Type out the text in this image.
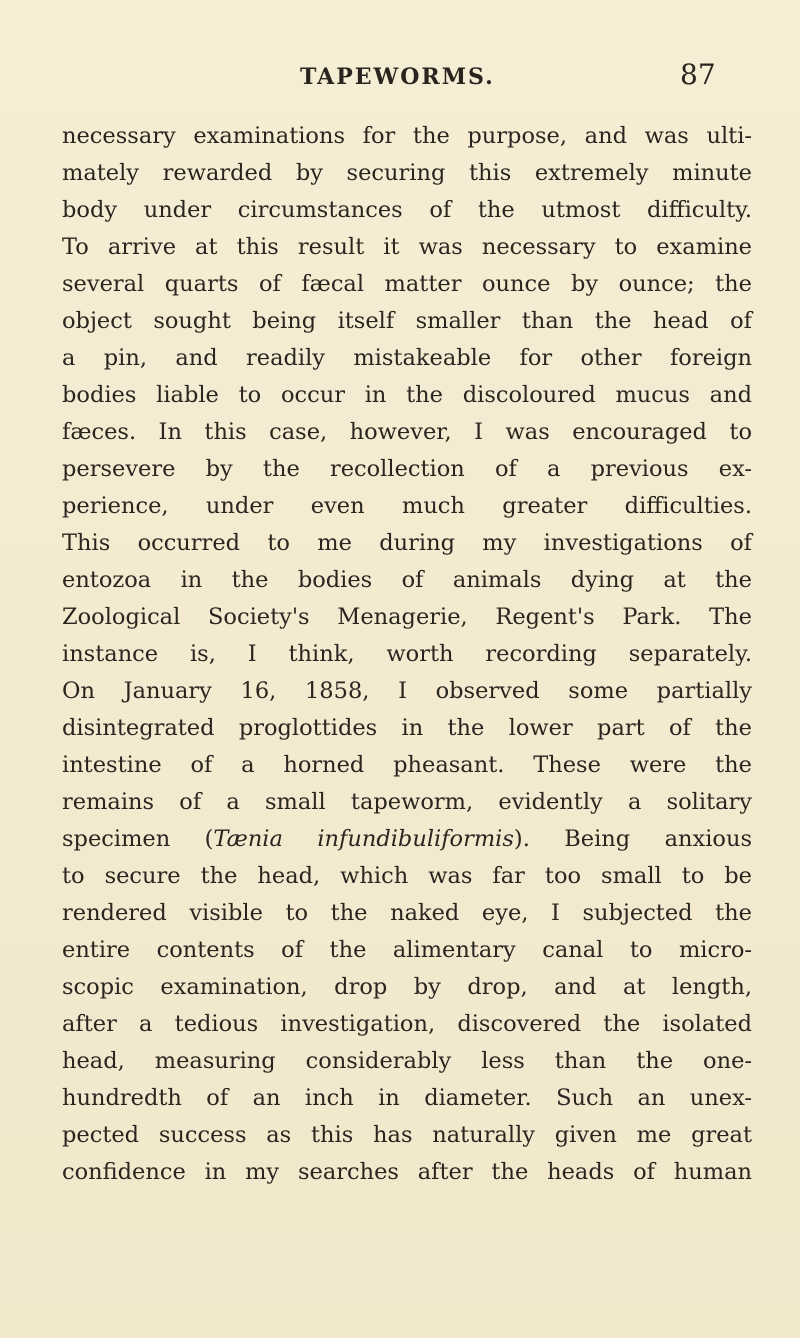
TAPEWORMS.	87
necessary examinations for the purpose, and was ulti-
mately rewarded by securing this extremely minute
body under circumstances of the utmost difficulty.
To arrive at this result it was necessary to examine
several quarts of fæcal matter ounce by ounce; the
object sought being itself smaller than the head of
a pin, and readily mistakeable for other foreign
bodies liable to occur in the discoloured mucus and
fæces. In this case, however, I was encouraged to
persevere by the recollection of a previous ex-
perience, under even much greater difficulties.
This occurred to me during my investigations of
entozoa in the bodies of animals dying at the
Zoological Society's Menagerie, Regent's Park. The
instance is, I think, worth recording separately.
On January 16, 1858, I observed some partially
disintegrated proglottides in the lower part of the
intestine of a horned pheasant. These were the
remains of a small tapeworm, evidently a solitary
specimen (Tænia infundibuliformis). Being anxious
to secure the head, which was far too small to be
rendered visible to the naked eye, I subjected the
entire contents of the alimentary canal to micro-
scopic examination, drop by drop, and at length,
after a tedious investigation, discovered the isolated
head, measuring considerably less than the one-
hundredth of an inch in diameter. Such an unex-
pected success as this has naturally given me great
confidence in my searches after the heads of human
